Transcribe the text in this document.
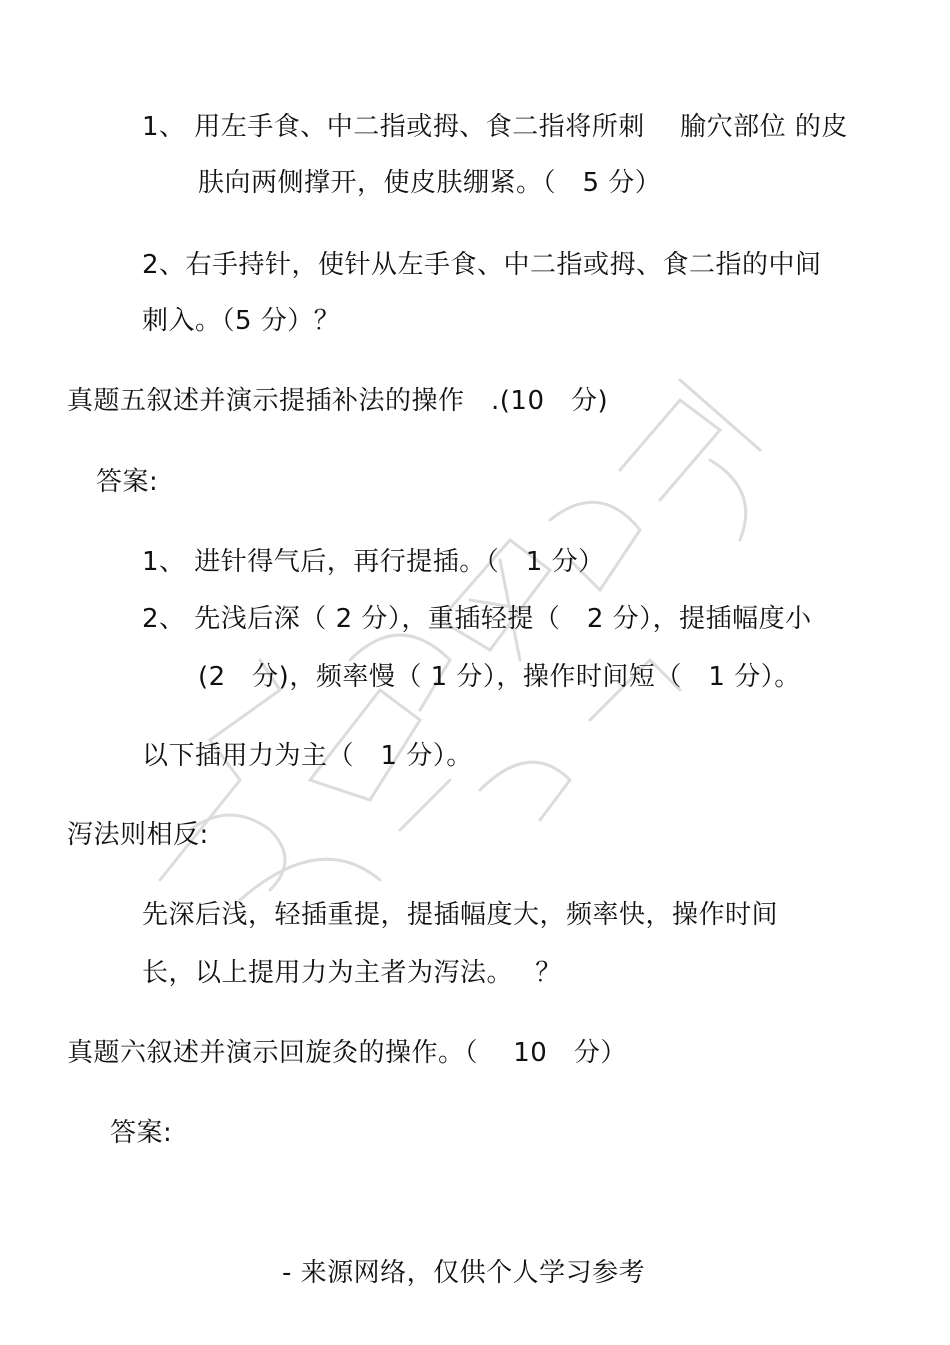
1、 用左手食、中二指或拇、食二指将所刺　 腧穴部位 的皮
肤向两侧撑开，使皮肤绷紧。（　5 分）
2、右手持针，使针从左手食、中二指或拇、食二指的中间
刺入。（5 分）？
真题五叙述并演示提插补法的操作　.(10　分)
答案:
1、 进针得气后，再行提插。（　1 分）
2、 先浅后深（ 2 分），重插轻提（　2 分），提插幅度小
(2　分)，频率慢（ 1 分），操作时间短（　1 分）。
以下插用力为主（　1 分）。
泻法则相反:
先深后浅，轻插重提，提插幅度大，频率快，操作时间
长，以上提用力为主者为泻法。　 ？
真题六叙述并演示回旋灸的操作。（　 10　分）
答案:
- 来源网络，仅供个人学习参考
